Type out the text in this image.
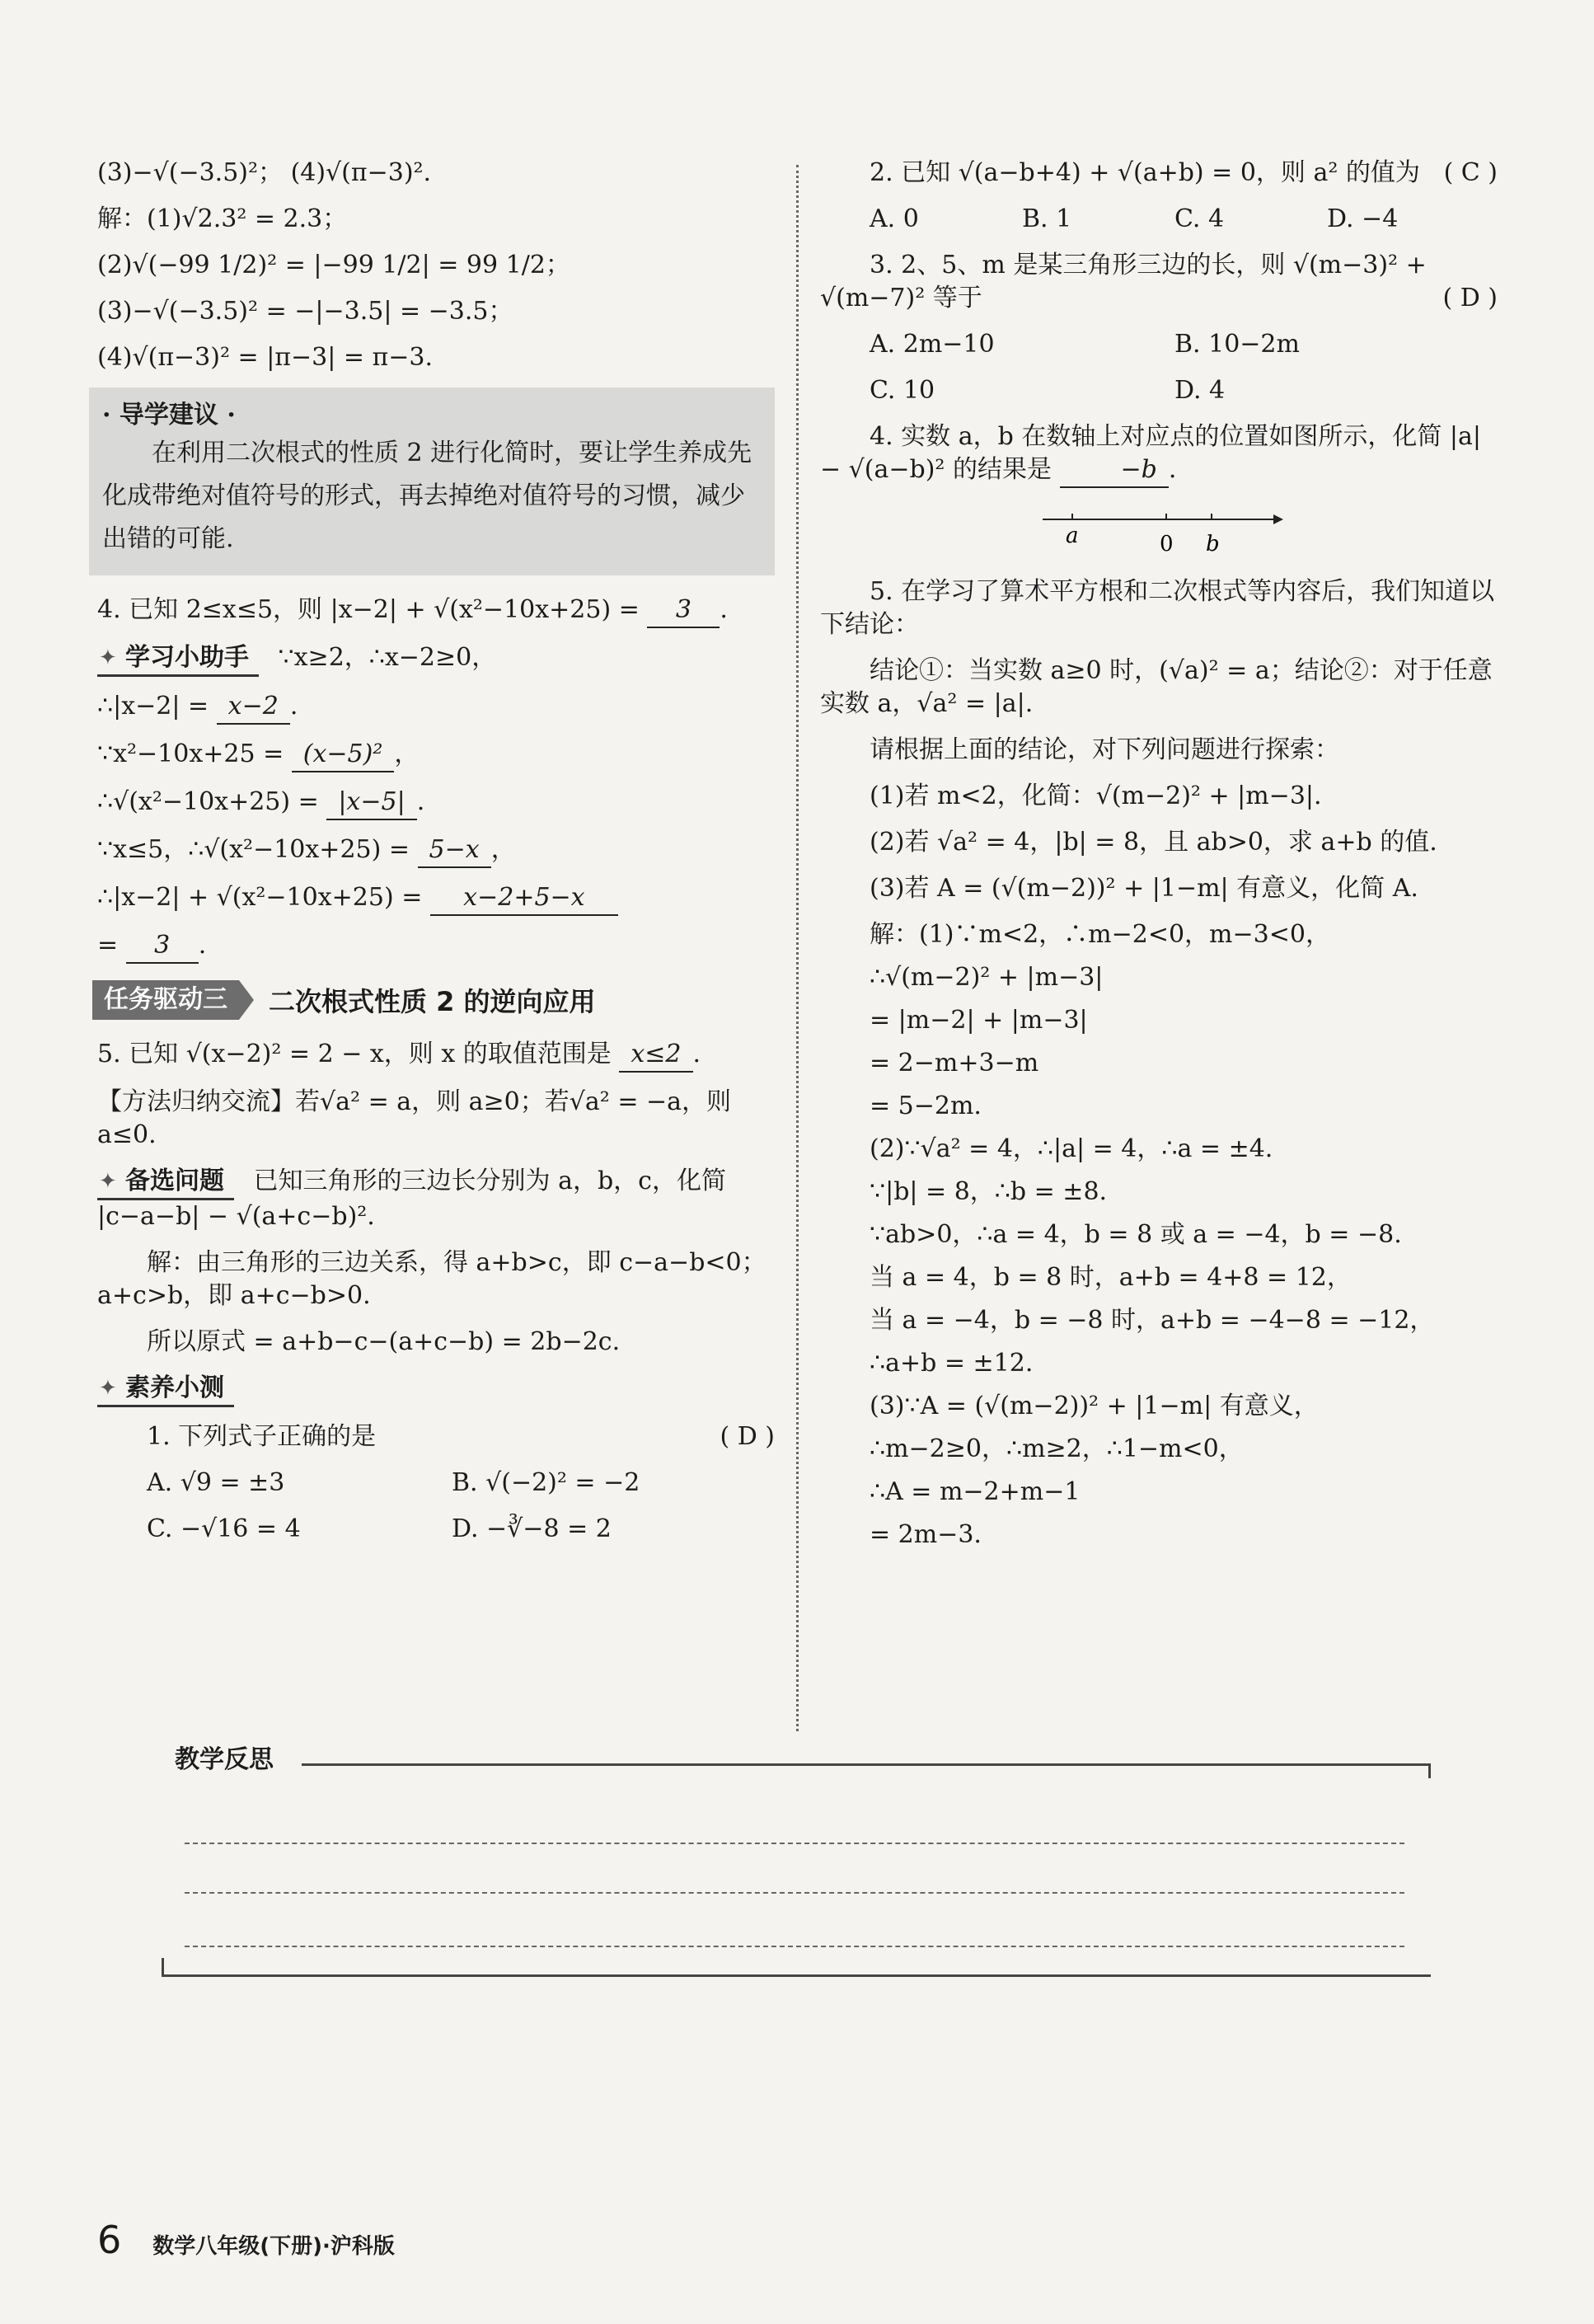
(3)−√(−3.5)²； (4)√(π−3)².
解：(1)√2.3² = 2.3；
(2)√(−99 1/2)² = |−99 1/2| = 99 1/2；
(3)−√(−3.5)² = −|−3.5| = −3.5；
(4)√(π−3)² = |π−3| = π−3.
· 导学建议 ·
在利用二次根式的性质 2 进行化简时，要让学生养成先化成带绝对值符号的形式，再去掉绝对值符号的习惯，减少出错的可能.
4. 已知 2≤x≤5，则 |x−2| + √(x²−10x+25) = 3 .
✦ 学习小助手 ∵x≥2，∴x−2≥0，
∴|x−2| = x−2 .
∵x²−10x+25 = (x−5)² ，
∴√(x²−10x+25) = |x−5| .
∵x≤5，∴√(x²−10x+25) = 5−x ，
∴|x−2| + √(x²−10x+25) = x−2+5−x
= 3 .
任务驱动三	二次根式性质 2 的逆向应用
5. 已知 √(x−2)² = 2 − x，则 x 的取值范围是 x≤2 .
【方法归纳交流】若√a² = a，则 a≥0；若√a² = −a，则 a≤0.
✦ 备选问题 已知三角形的三边长分别为 a，b，c，化简 |c−a−b| − √(a+c−b)².
解：由三角形的三边关系，得 a+b>c，即 c−a−b<0；a+c>b，即 a+c−b>0.
所以原式 = a+b−c−(a+c−b) = 2b−2c.
✦ 素养小测
1. 下列式子正确的是	( D )
A. √9 = ±3	B. √(−2)² = −2
C. −√16 = 4	D. −∛−8 = 2
2. 已知 √(a−b+4) + √(a+b) = 0，则 a² 的值为 ( C )
A. 0	B. 1	C. 4	D. −4
3. 2、5、m 是某三角形三边的长，则 √(m−3)² + √(m−7)² 等于	( D )
A. 2m−10	B. 10−2m
C. 10	D. 4
4. 实数 a，b 在数轴上对应点的位置如图所示，化简 |a| − √(a−b)² 的结果是	−b .
a	0 b
5. 在学习了算术平方根和二次根式等内容后，我们知道以下结论：
结论①：当实数 a≥0 时，(√a)² = a；结论②：对于任意实数 a，√a² = |a|.
请根据上面的结论，对下列问题进行探索：
(1)若 m<2，化简：√(m−2)² + |m−3|.
(2)若 √a² = 4，|b| = 8，且 ab>0，求 a+b 的值.
(3)若 A = (√(m−2))² + |1−m| 有意义，化简 A.
解：(1)∵m<2，∴m−2<0，m−3<0，
∴√(m−2)² + |m−3|
= |m−2| + |m−3|
= 2−m+3−m
= 5−2m.
(2)∵√a² = 4，∴|a| = 4，∴a = ±4.
∵|b| = 8，∴b = ±8.
∵ab>0，∴a = 4，b = 8 或 a = −4，b = −8.
当 a = 4，b = 8 时，a+b = 4+8 = 12，
当 a = −4，b = −8 时，a+b = −4−8 = −12，
∴a+b = ±12.
(3)∵A = (√(m−2))² + |1−m| 有意义，
∴m−2≥0，∴m≥2，∴1−m<0，
∴A = m−2+m−1
= 2m−3.
教学反思
6 数学八年级(下册)·沪科版
